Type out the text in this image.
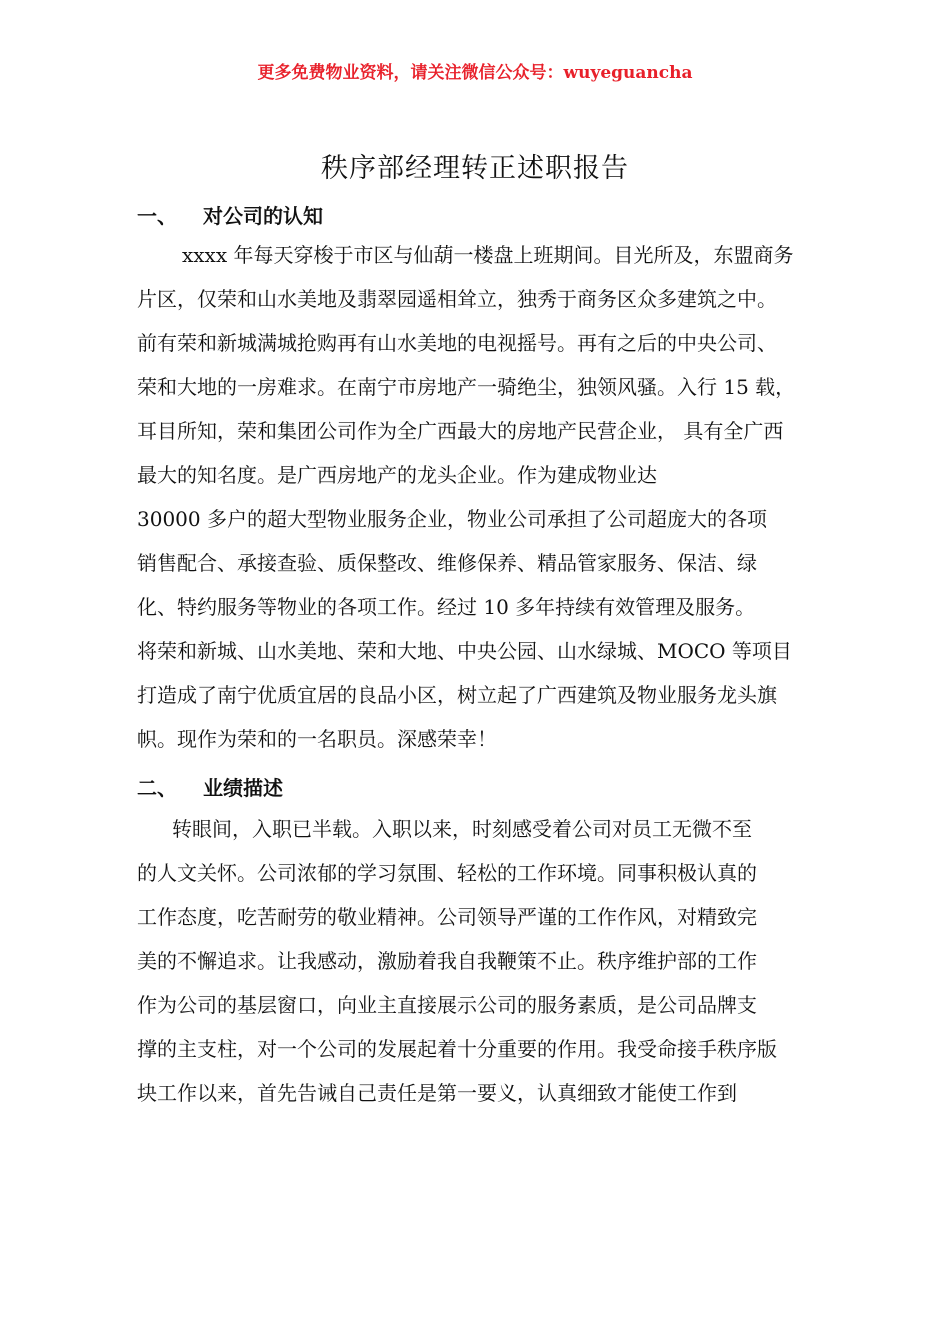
更多免费物业资料，请关注微信公众号：wuyeguancha
秩序部经理转正述职报告
一、 对公司的认知
xxxx 年每天穿梭于市区与仙葫一楼盘上班期间。目光所及，东盟商务
片区，仅荣和山水美地及翡翠园遥相耸立，独秀于商务区众多建筑之中。
前有荣和新城满城抢购再有山水美地的电视摇号。再有之后的中央公司、
荣和大地的一房难求。在南宁市房地产一骑绝尘，独领风骚。入行 15 载，
耳目所知，荣和集团公司作为全广西最大的房地产民营企业， 具有全广西
最大的知名度。是广西房地产的龙头企业。作为建成物业达
30000 多户的超大型物业服务企业，物业公司承担了公司超庞大的各项
销售配合、承接查验、质保整改、维修保养、精品管家服务、保洁、绿
化、特约服务等物业的各项工作。经过 10 多年持续有效管理及服务。
将荣和新城、山水美地、荣和大地、中央公园、山水绿城、MOCO 等项目
打造成了南宁优质宜居的良品小区，树立起了广西建筑及物业服务龙头旗
帜。现作为荣和的一名职员。深感荣幸！
二、 业绩描述
转眼间，入职已半载。入职以来，时刻感受着公司对员工无微不至
的人文关怀。公司浓郁的学习氛围、轻松的工作环境。同事积极认真的
工作态度，吃苦耐劳的敬业精神。公司领导严谨的工作作风，对精致完
美的不懈追求。让我感动，激励着我自我鞭策不止。秩序维护部的工作
作为公司的基层窗口，向业主直接展示公司的服务素质，是公司品牌支
撑的主支柱，对一个公司的发展起着十分重要的作用。我受命接手秩序版
块工作以来，首先告诫自己责任是第一要义，认真细致才能使工作到
